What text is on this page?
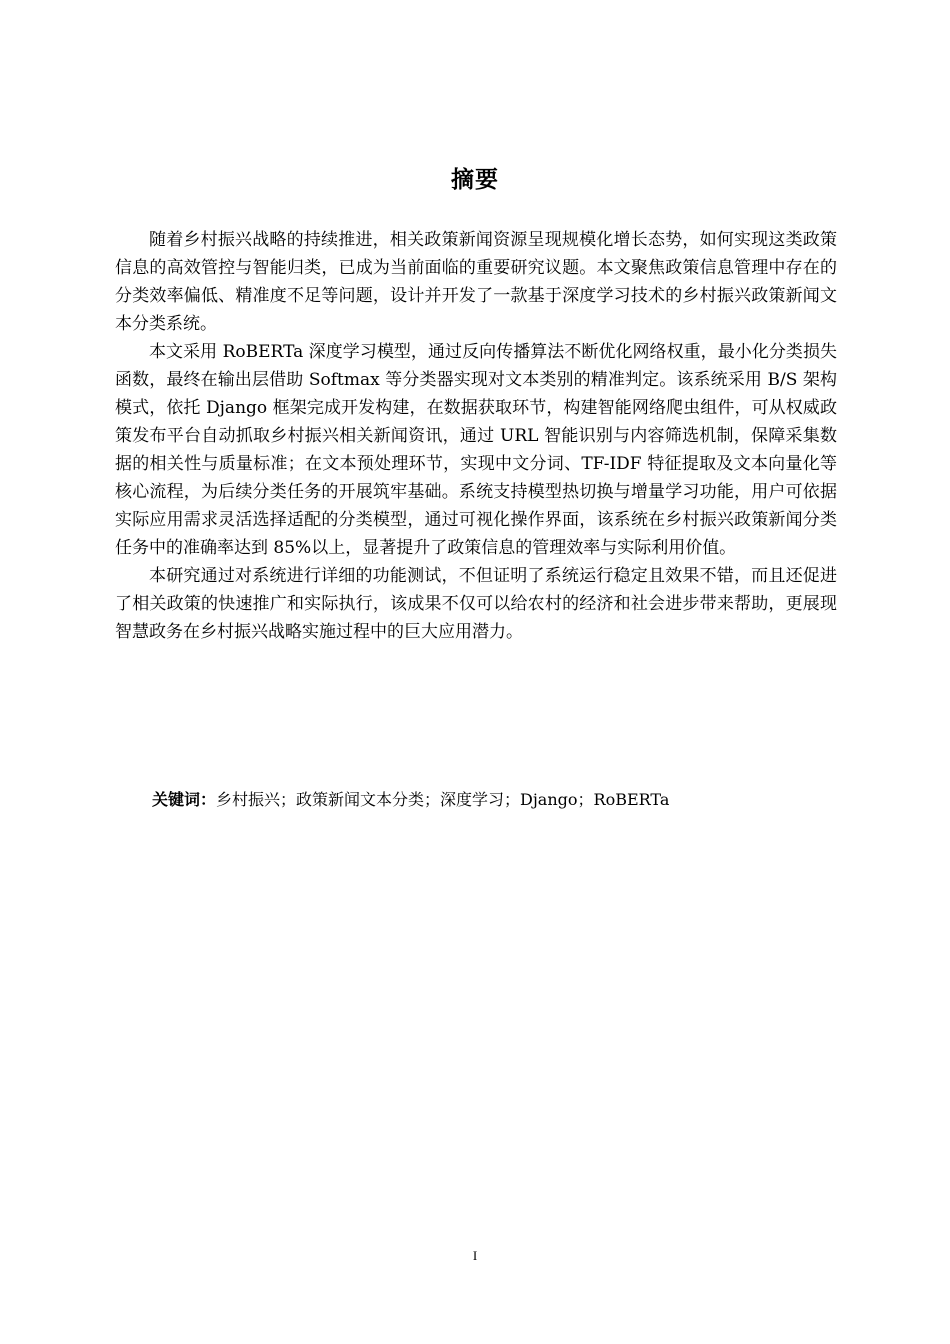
摘要

随着乡村振兴战略的持续推进，相关政策新闻资源呈现规模化增长态势，如何实现这类政策信息的高效管控与智能归类，已成为当前面临的重要研究议题。本文聚焦政策信息管理中存在的分类效率偏低、精准度不足等问题，设计并开发了一款基于深度学习技术的乡村振兴政策新闻文本分类系统。

本文采用 RoBERTa 深度学习模型，通过反向传播算法不断优化网络权重，最小化分类损失函数，最终在输出层借助 Softmax 等分类器实现对文本类别的精准判定。该系统采用 B/S 架构模式，依托 Django 框架完成开发构建，在数据获取环节，构建智能网络爬虫组件，可从权威政策发布平台自动抓取乡村振兴相关新闻资讯，通过 URL 智能识别与内容筛选机制，保障采集数据的相关性与质量标准；在文本预处理环节，实现中文分词、TF-IDF 特征提取及文本向量化等核心流程，为后续分类任务的开展筑牢基础。系统支持模型热切换与增量学习功能，用户可依据实际应用需求灵活选择适配的分类模型，通过可视化操作界面，该系统在乡村振兴政策新闻分类任务中的准确率达到 85%以上，显著提升了政策信息的管理效率与实际利用价值。

本研究通过对系统进行详细的功能测试，不但证明了系统运行稳定且效果不错，而且还促进了相关政策的快速推广和实际执行，该成果不仅可以给农村的经济和社会进步带来帮助，更展现智慧政务在乡村振兴战略实施过程中的巨大应用潜力。

关键词：乡村振兴；政策新闻文本分类；深度学习；Django；RoBERTa
I
